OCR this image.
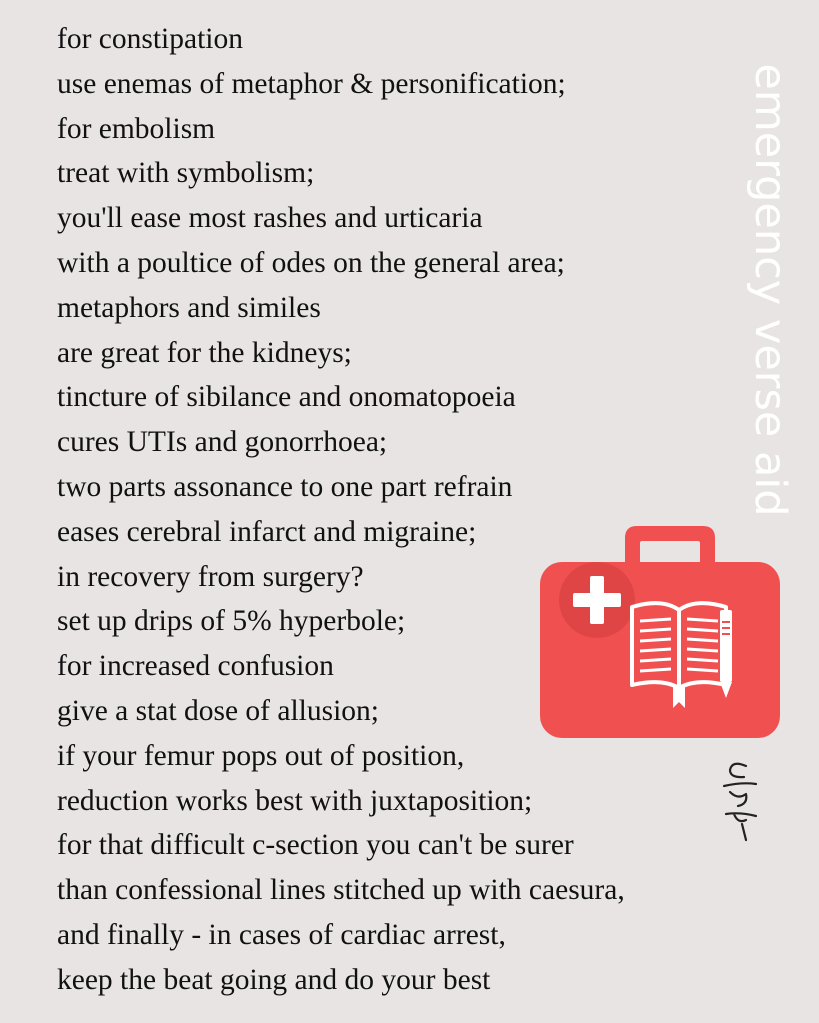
for constipation
use enemas of metaphor & personification;
for embolism
treat with symbolism;
you'll ease most rashes and urticaria
with a poultice of odes on the general area;
metaphors and similes
are great for the kidneys;
tincture of sibilance and onomatopoeia
cures UTIs and gonorrhoea;
two parts assonance to one part refrain
eases cerebral infarct and migraine;
in recovery from surgery?
set up drips of 5% hyperbole;
for increased confusion
give a stat dose of allusion;
if your femur pops out of position,
reduction works best with juxtaposition;
for that difficult c-section you can't be surer
than confessional lines stitched up with caesura,
and finally - in cases of cardiac arrest,
keep the beat going and do your best
emergency verse aid
